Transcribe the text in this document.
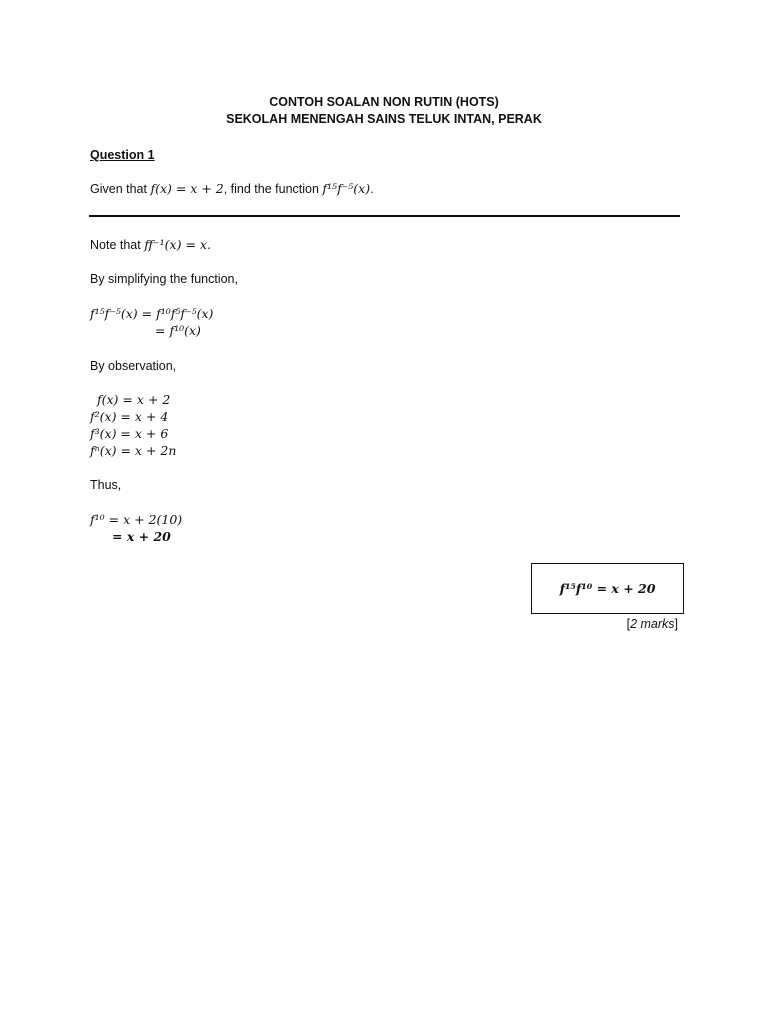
CONTOH SOALAN NON RUTIN (HOTS)
SEKOLAH MENENGAH SAINS TELUK INTAN, PERAK
Question 1
Given that f(x) = x + 2, find the function f¹⁵f⁻⁵(x).
Note that ff⁻¹(x) = x.
By simplifying the function,
f¹⁵f⁻⁵(x) = f¹⁰f⁵f⁻⁵(x)
= f¹⁰(x)
By observation,
f(x) = x + 2
f²(x) = x + 4
f³(x) = x + 6
fⁿ(x) = x + 2n
Thus,
f¹⁰ = x + 2(10)
= x + 20
f¹⁵f¹⁰ = x + 20
[2 marks]
